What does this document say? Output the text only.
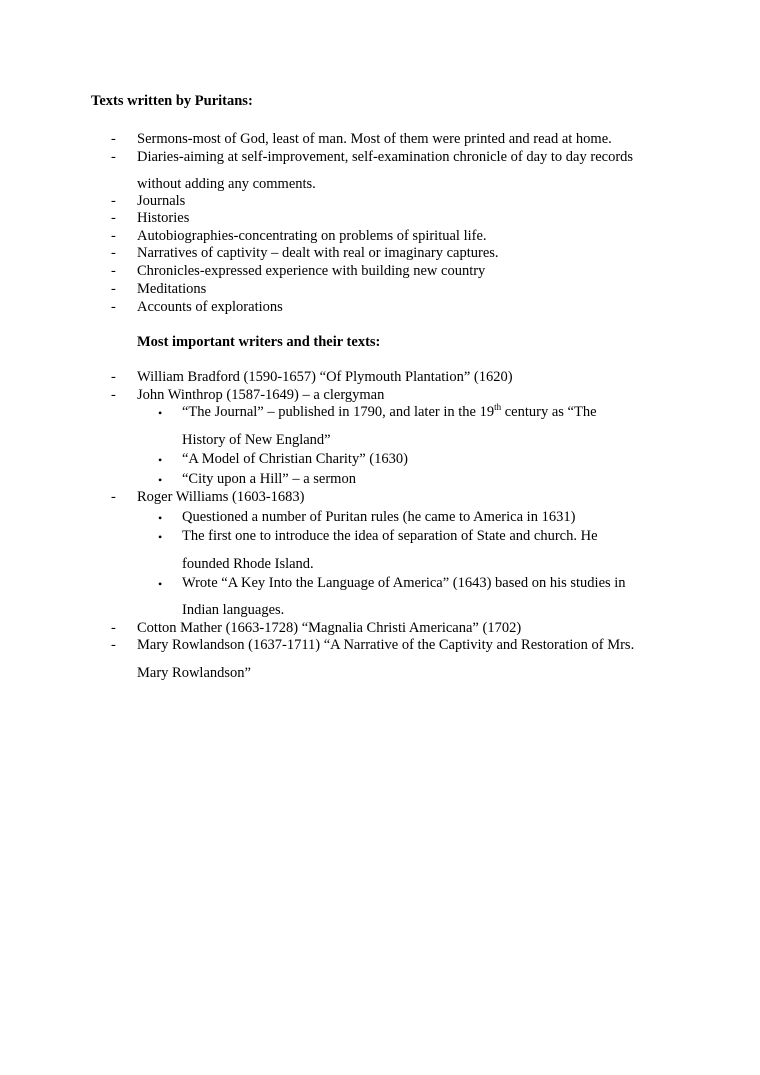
Texts written by Puritans:
- Sermons-most of God, least of man. Most of them were printed and read at home.
- Diaries-aiming at self-improvement, self-examination chronicle of day to day records
without adding any comments.
- Journals
- Histories
- Autobiographies-concentrating on problems of spiritual life.
- Narratives of captivity – dealt with real or imaginary captures.
- Chronicles-expressed experience with building new country
- Meditations
- Accounts of explorations
Most important writers and their texts:
- William Bradford (1590-1657) “Of Plymouth Plantation” (1620)
- John Winthrop (1587-1649) – a clergyman
• “The Journal” – published in 1790, and later in the 19th century as “The
History of New England”
• “A Model of Christian Charity” (1630)
• “City upon a Hill” – a sermon
- Roger Williams (1603-1683)
• Questioned a number of Puritan rules (he came to America in 1631)
• The first one to introduce the idea of separation of State and church. He
founded Rhode Island.
• Wrote “A Key Into the Language of America” (1643) based on his studies in
Indian languages.
- Cotton Mather (1663-1728) “Magnalia Christi Americana” (1702)
- Mary Rowlandson (1637-1711) “A Narrative of the Captivity and Restoration of Mrs.
Mary Rowlandson”
